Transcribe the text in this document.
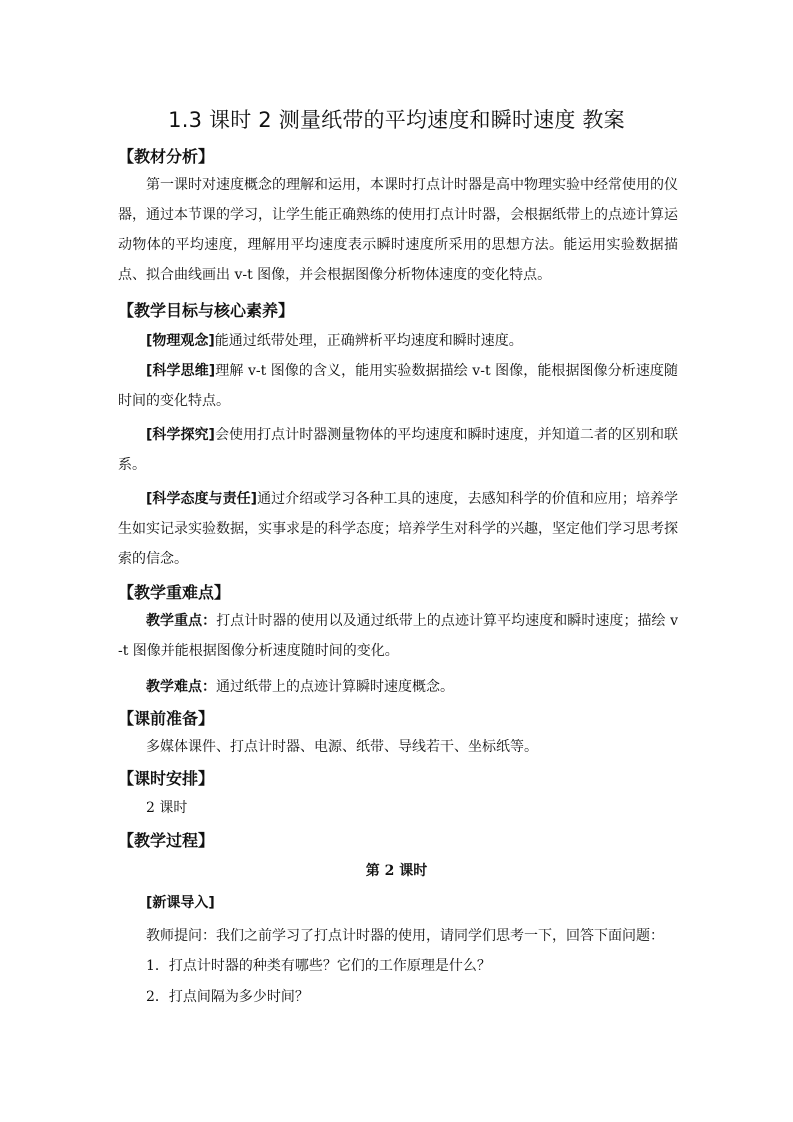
1.3 课时 2 测量纸带的平均速度和瞬时速度 教案
【教材分析】
第一课时对速度概念的理解和运用，本课时打点计时器是高中物理实验中经常使用的仪器，通过本节课的学习，让学生能正确熟练的使用打点计时器，会根据纸带上的点迹计算运动物体的平均速度，理解用平均速度表示瞬时速度所采用的思想方法。能运用实验数据描点、拟合曲线画出 v-t 图像，并会根据图像分析物体速度的变化特点。
【教学目标与核心素养】
[物理观念]能通过纸带处理，正确辨析平均速度和瞬时速度。
[科学思维]理解 v-t 图像的含义，能用实验数据描绘 v-t 图像，能根据图像分析速度随时间的变化特点。
[科学探究]会使用打点计时器测量物体的平均速度和瞬时速度，并知道二者的区别和联系。
[科学态度与责任]通过介绍或学习各种工具的速度，去感知科学的价值和应用；培养学生如实记录实验数据，实事求是的科学态度；培养学生对科学的兴趣，坚定他们学习思考探索的信念。
【教学重难点】
教学重点：打点计时器的使用以及通过纸带上的点迹计算平均速度和瞬时速度；描绘 v-t 图像并能根据图像分析速度随时间的变化。
教学难点：通过纸带上的点迹计算瞬时速度概念。
【课前准备】
多媒体课件、打点计时器、电源、纸带、导线若干、坐标纸等。
【课时安排】
2 课时
【教学过程】
第 2 课时
[新课导入]
教师提问：我们之前学习了打点计时器的使用，请同学们思考一下，回答下面问题：
1．打点计时器的种类有哪些？它们的工作原理是什么？
2．打点间隔为多少时间？
